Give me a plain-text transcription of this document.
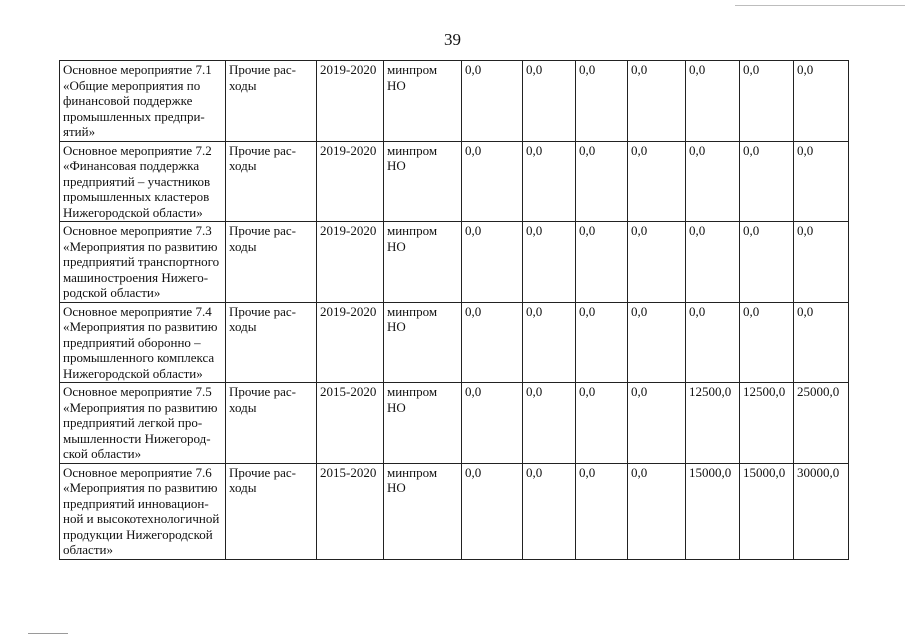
39
Основное мероприятие 7.1 «Общие мероприятия по финансовой поддержке промышленных предпри-ятий»	Прочие рас-ходы	2019-2020	минпром НО	0,0	0,0	0,0	0,0	0,0	0,0	0,0
Основное мероприятие 7.2 «Финансовая поддержка предприятий – участников промышленных кластеров Нижегородской области»	Прочие рас-ходы	2019-2020	минпром НО	0,0	0,0	0,0	0,0	0,0	0,0	0,0
Основное мероприятие 7.3 «Мероприятия по развитию предприятий транспортного машиностроения Нижего-родской области»	Прочие рас-ходы	2019-2020	минпром НО	0,0	0,0	0,0	0,0	0,0	0,0	0,0
Основное мероприятие 7.4 «Мероприятия по развитию предприятий оборонно – промышленного комплекса Нижегородской области»	Прочие рас-ходы	2019-2020	минпром НО	0,0	0,0	0,0	0,0	0,0	0,0	0,0
Основное мероприятие 7.5 «Мероприятия по развитию предприятий легкой про-мышленности Нижегород-ской области»	Прочие рас-ходы	2015-2020	минпром НО	0,0	0,0	0,0	0,0	12500,0	12500,0	25000,0
Основное мероприятие 7.6 «Мероприятия по развитию предприятий инновацион-ной и высокотехнологичной продукции Нижегородской области»	Прочие рас-ходы	2015-2020	минпром НО	0,0	0,0	0,0	0,0	15000,0	15000,0	30000,0
